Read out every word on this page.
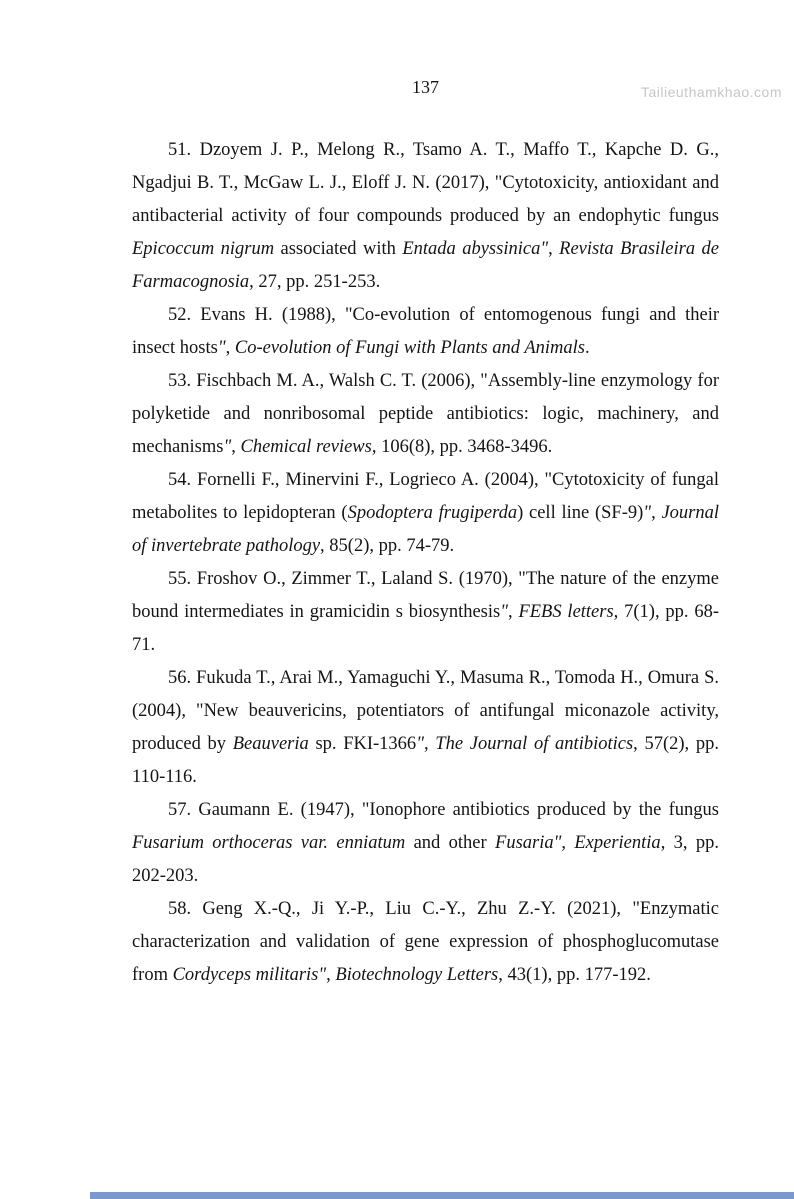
Tailieuthamkhao.com
137

51. Dzoyem J. P., Melong R., Tsamo A. T., Maffo T., Kapche D. G., Ngadjui B. T., McGaw L. J., Eloff J. N. (2017), "Cytotoxicity, antioxidant and antibacterial activity of four compounds produced by an endophytic fungus Epicoccum nigrum associated with Entada abyssinica", Revista Brasileira de Farmacognosia, 27, pp. 251-253.

52. Evans H. (1988), "Co-evolution of entomogenous fungi and their insect hosts", Co-evolution of Fungi with Plants and Animals.

53. Fischbach M. A., Walsh C. T. (2006), "Assembly-line enzymology for polyketide and nonribosomal peptide antibiotics: logic, machinery, and mechanisms", Chemical reviews, 106(8), pp. 3468-3496.

54. Fornelli F., Minervini F., Logrieco A. (2004), "Cytotoxicity of fungal metabolites to lepidopteran (Spodoptera frugiperda) cell line (SF-9)", Journal of invertebrate pathology, 85(2), pp. 74-79.

55. Froshov O., Zimmer T., Laland S. (1970), "The nature of the enzyme bound intermediates in gramicidin s biosynthesis", FEBS letters, 7(1), pp. 68-71.

56. Fukuda T., Arai M., Yamaguchi Y., Masuma R., Tomoda H., Omura S. (2004), "New beauvericins, potentiators of antifungal miconazole activity, produced by Beauveria sp. FKI-1366", The Journal of antibiotics, 57(2), pp. 110-116.

57. Gaumann E. (1947), "Ionophore antibiotics produced by the fungus Fusarium orthoceras var. enniatum and other Fusaria", Experientia, 3, pp. 202-203.

58. Geng X.-Q., Ji Y.-P., Liu C.-Y., Zhu Z.-Y. (2021), "Enzymatic characterization and validation of gene expression of phosphoglucomutase from Cordyceps militaris", Biotechnology Letters, 43(1), pp. 177-192.
